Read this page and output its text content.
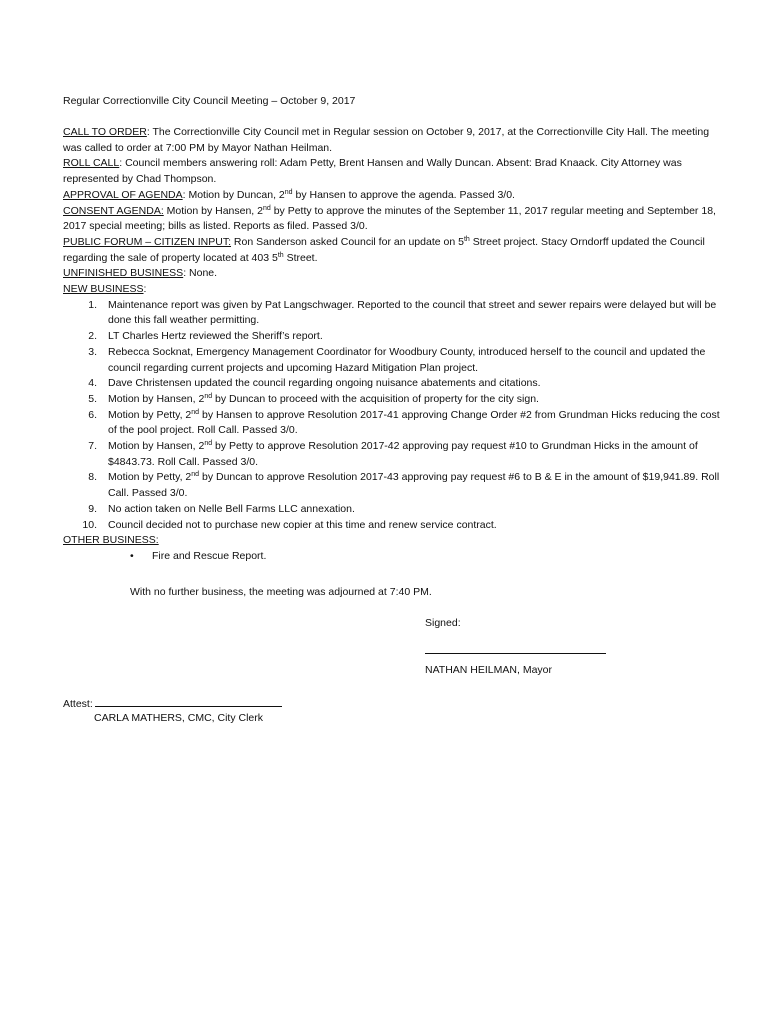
Regular Correctionville City Council Meeting – October 9, 2017

CALL TO ORDER: The Correctionville City Council met in Regular session on October 9, 2017, at the Correctionville City Hall. The meeting was called to order at 7:00 PM by Mayor Nathan Heilman.

ROLL CALL: Council members answering roll: Adam Petty, Brent Hansen and Wally Duncan. Absent: Brad Knaack. City Attorney was represented by Chad Thompson.

APPROVAL OF AGENDA: Motion by Duncan, 2nd by Hansen to approve the agenda. Passed 3/0.

CONSENT AGENDA: Motion by Hansen, 2nd by Petty to approve the minutes of the September 11, 2017 regular meeting and September 18, 2017 special meeting; bills as listed. Reports as filed. Passed 3/0.

PUBLIC FORUM – CITIZEN INPUT: Ron Sanderson asked Council for an update on 5th Street project. Stacy Orndorff updated the Council regarding the sale of property located at 403 5th Street.

UNFINISHED BUSINESS: None.

NEW BUSINESS:

1. Maintenance report was given by Pat Langschwager. Reported to the council that street and sewer repairs were delayed but will be done this fall weather permitting.
2. LT Charles Hertz reviewed the Sheriff’s report.
3. Rebecca Socknat, Emergency Management Coordinator for Woodbury County, introduced herself to the council and updated the council regarding current projects and upcoming Hazard Mitigation Plan project.
4. Dave Christensen updated the council regarding ongoing nuisance abatements and citations.
5. Motion by Hansen, 2nd by Duncan to proceed with the acquisition of property for the city sign.
6. Motion by Petty, 2nd by Hansen to approve Resolution 2017-41 approving Change Order #2 from Grundman Hicks reducing the cost of the pool project. Roll Call. Passed 3/0.
7. Motion by Hansen, 2nd by Petty to approve Resolution 2017-42 approving pay request #10 to Grundman Hicks in the amount of $4843.73. Roll Call. Passed 3/0.
8. Motion by Petty, 2nd by Duncan to approve Resolution 2017-43 approving pay request #6 to B & E in the amount of $19,941.89. Roll Call. Passed 3/0.
9. No action taken on Nelle Bell Farms LLC annexation.
10. Council decided not to purchase new copier at this time and renew service contract.

OTHER BUSINESS:

• Fire and Rescue Report.
With no further business, the meeting was adjourned at 7:40 PM.
Signed:
NATHAN HEILMAN, Mayor
Attest:
CARLA MATHERS, CMC, City Clerk
